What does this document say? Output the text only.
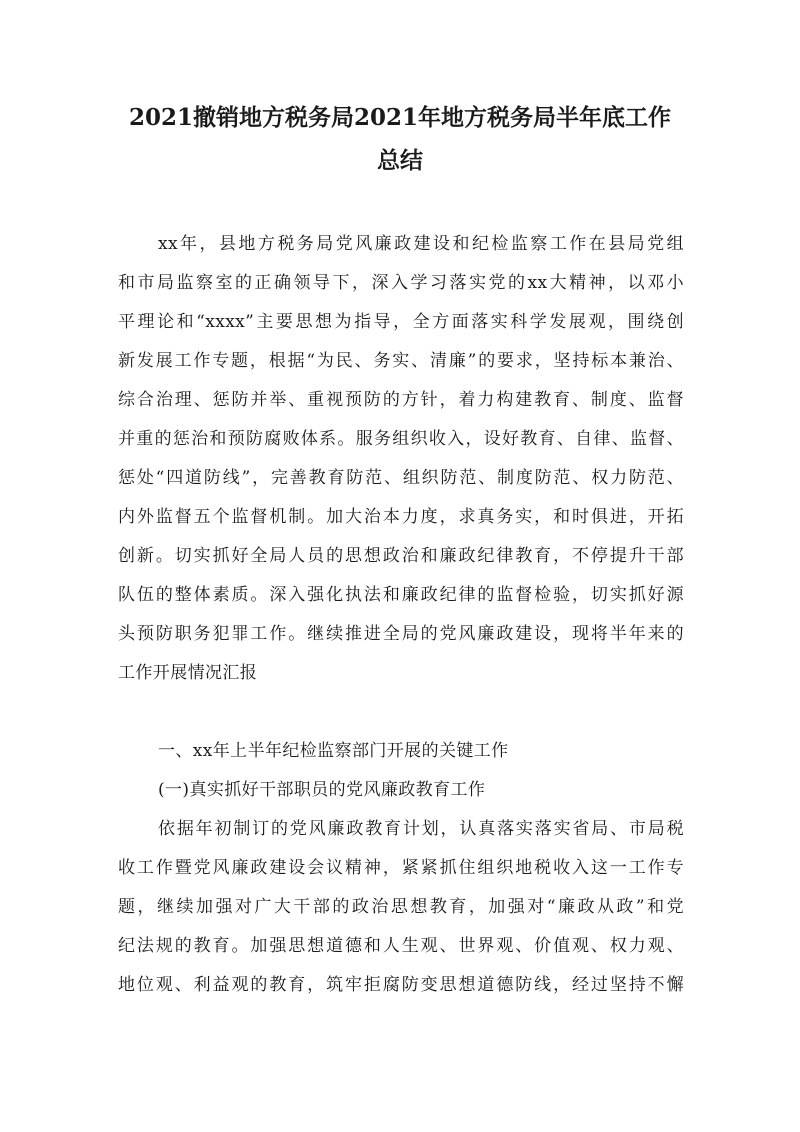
2021撤销地方税务局2021年地方税务局半年底工作
总结
xx年，县地方税务局党风廉政建设和纪检监察工作在县局党组
和市局监察室的正确领导下，深入学习落实党的xx大精神，以邓小
平理论和“xxxx”主要思想为指导，全方面落实科学发展观，围绕创
新发展工作专题，根据“为民、务实、清廉”的要求，坚持标本兼治、
综合治理、惩防并举、重视预防的方针，着力构建教育、制度、监督
并重的惩治和预防腐败体系。服务组织收入，设好教育、自律、监督、
惩处“四道防线”，完善教育防范、组织防范、制度防范、权力防范、
内外监督五个监督机制。加大治本力度，求真务实，和时俱进，开拓
创新。切实抓好全局人员的思想政治和廉政纪律教育，不停提升干部
队伍的整体素质。深入强化执法和廉政纪律的监督检验，切实抓好源
头预防职务犯罪工作。继续推进全局的党风廉政建设，现将半年来的
工作开展情况汇报
一、xx年上半年纪检监察部门开展的关键工作
(一)真实抓好干部职员的党风廉政教育工作
依据年初制订的党风廉政教育计划，认真落实落实省局、市局税
收工作暨党风廉政建设会议精神，紧紧抓住组织地税收入这一工作专
题，继续加强对广大干部的政治思想教育，加强对“廉政从政”和党
纪法规的教育。加强思想道德和人生观、世界观、价值观、权力观、
地位观、利益观的教育，筑牢拒腐防变思想道德防线，经过坚持不懈
